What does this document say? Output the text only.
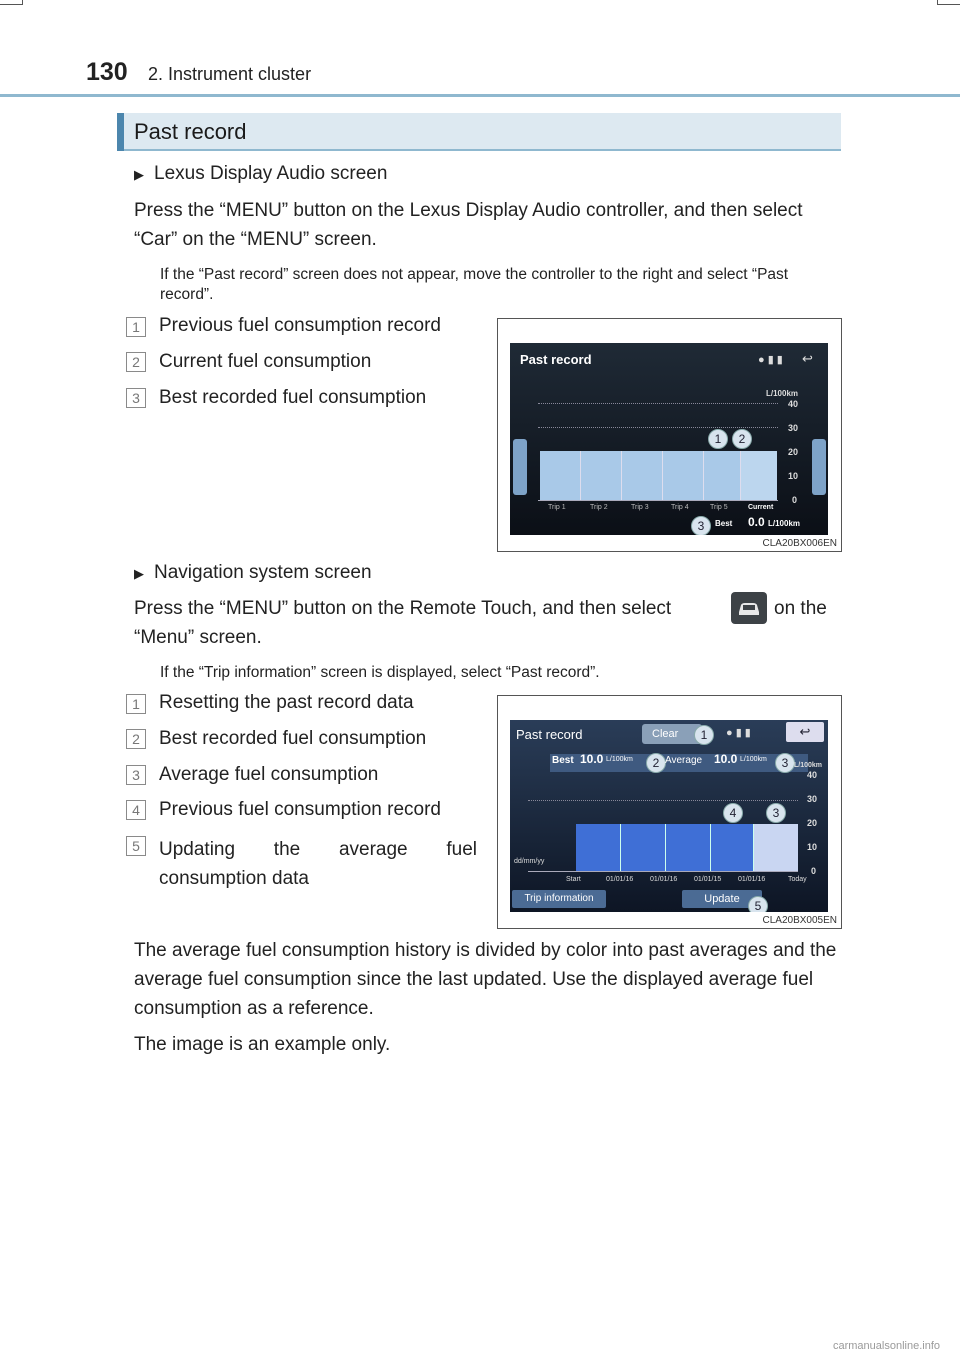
130 2. Instrument cluster
Past record
▶ Lexus Display Audio screen
Press the “MENU” button on the Lexus Display Audio controller, and then select “Car” on the “MENU” screen.
If the “Past record” screen does not appear, move the controller to the right and select “Past record”.
1	Previous fuel consumption record
2	Current fuel consumption
3	Best recorded fuel consumption
Past record	● ▮ ▮ ↩
L/100km
40
30
20
10
0
1	2
Trip 1	Trip 2	Trip 3	Trip 4	Trip 5	Current
3	Best 0.0 L/100km
CLA20BX006EN
▶ Navigation system screen
Press the “MENU” button on the Remote Touch, and then select	on the “Menu” screen.
If the “Trip information” screen is displayed, select “Past record”.
1	Resetting the past record data
2	Best recorded fuel consumption
3	Average fuel consumption
4	Previous fuel consumption record
5	Updating the average fuel consumption data
Past record	Clear	1	● ▮ ▮	↩
Best 10.0 L/100km	2 Average 10.0 L/100km	3 L/100km
40
30
20
10
0
4	3
dd/mm/yy
Start	01/01/16 01/01/16 01/01/15 01/01/16	Today
Trip information	Update	5
CLA20BX005EN
The average fuel consumption history is divided by color into past averages and the average fuel consumption since the last updated. Use the displayed average fuel consumption as a reference.
The image is an example only.
carmanualsonline.info
